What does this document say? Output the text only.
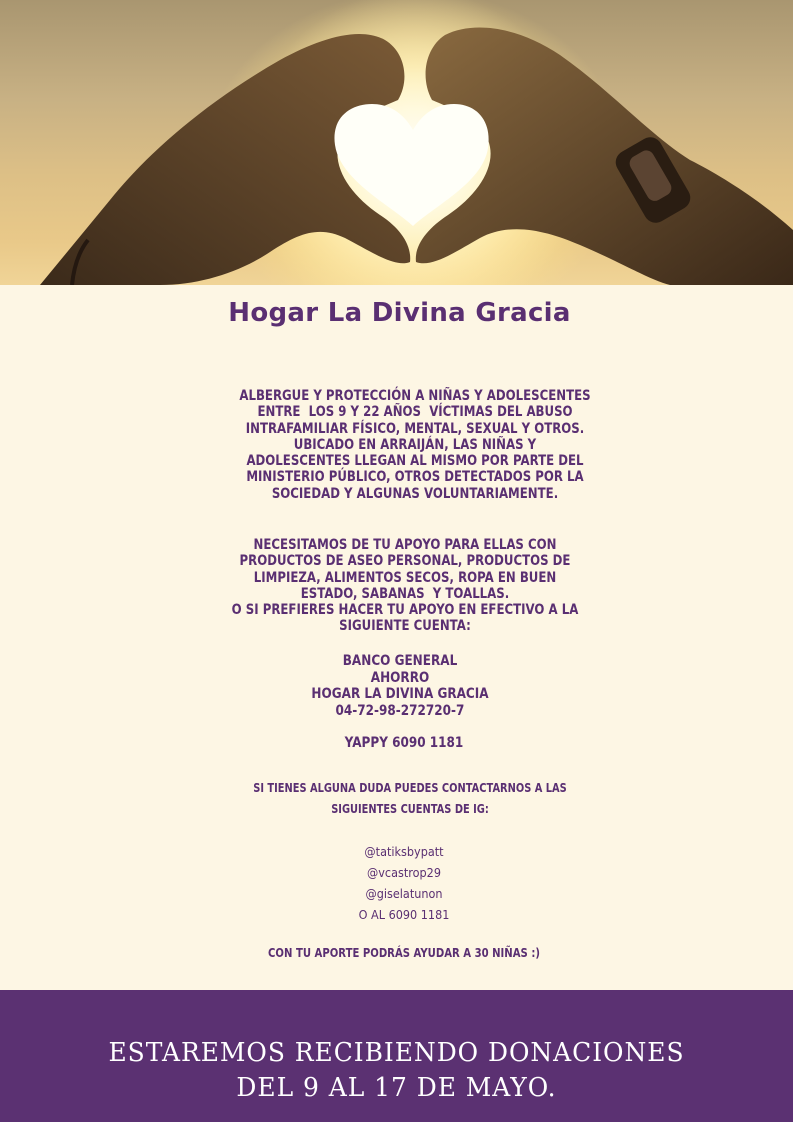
Hogar La Divina Gracia
ALBERGUE Y PROTECCIÓN A NIÑAS Y ADOLESCENTES
ENTRE  LOS 9 Y 22 AÑOS  VÍCTIMAS DEL ABUSO
INTRAFAMILIAR FÍSICO, MENTAL, SEXUAL Y OTROS.
UBICADO EN ARRAIJÁN, LAS NIÑAS Y
ADOLESCENTES LLEGAN AL MISMO POR PARTE DEL
MINISTERIO PÚBLICO, OTROS DETECTADOS POR LA
SOCIEDAD Y ALGUNAS VOLUNTARIAMENTE.
NECESITAMOS DE TU APOYO PARA ELLAS CON
PRODUCTOS DE ASEO PERSONAL, PRODUCTOS DE
LIMPIEZA, ALIMENTOS SECOS, ROPA EN BUEN
ESTADO, SABANAS  Y TOALLAS.
O SI PREFIERES HACER TU APOYO EN EFECTIVO A LA
SIGUIENTE CUENTA:
BANCO GENERAL
AHORRO
HOGAR LA DIVINA GRACIA
04-72-98-272720-7
YAPPY 6090 1181
SI TIENES ALGUNA DUDA PUEDES CONTACTARNOS A LAS
SIGUIENTES CUENTAS DE IG:
@tatiksbypatt
@vcastrop29
@giselatunon
O AL 6090 1181
CON TU APORTE PODRÁS AYUDAR A 30 NIÑAS :)
ESTAREMOS RECIBIENDO DONACIONES
DEL 9 AL 17 DE MAYO.
